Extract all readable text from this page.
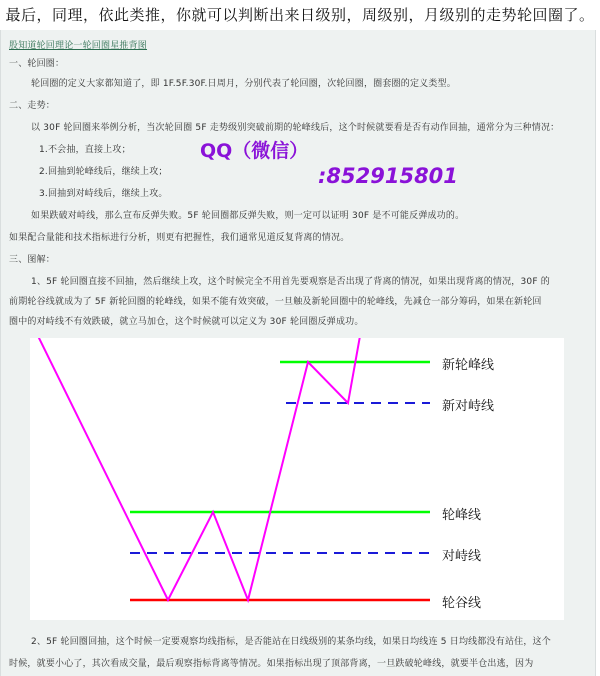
最后，同理，依此类推，你就可以判断出来日级别，周级别，月级别的走势轮回圈了。
股知道轮回理论一轮回圈星推背图
一、轮回圈：
轮回圈的定义大家都知道了，即 1F.5F.30F.日周月，分别代表了轮回圈，次轮回圈，圈套圈的定义类型。
二、走势：
以 30F 轮回圈来举例分析，当次轮回圈 5F 走势级别突破前期的轮峰线后，这个时候就要看是否有动作回抽，通常分为三种情况：
1.不会抽，直接上攻；
2.回抽到轮峰线后，继续上攻；
3.回抽到对峙线后，继续上攻。
如果跌破对峙线，那么宣布反弹失败。5F 轮回圈都反弹失败，则一定可以证明 30F 是不可能反弹成功的。
如果配合量能和技术指标进行分析，则更有把握性，我们通常见道反复背离的情况。
三、图解：
1、5F 轮回圈直接不回抽，然后继续上攻，这个时候完全不用首先要观察是否出现了背离的情况，如果出现背离的情况，30F 的
前期轮谷线就成为了 5F 新轮回圈的轮峰线，如果不能有效突破，一旦触及新轮回圈中的轮峰线，先减仓一部分筹码，如果在新轮回
圈中的对峙线不有效跌破，就立马加仓，这个时候就可以定义为 30F 轮回圈反弹成功。
2、5F 轮回圈回抽，这个时候一定要观察均线指标，是否能站在日线级别的某条均线，如果日均线连 5 日均线都没有站住，这个
时候，就要小心了，其次看成交量，最后观察指标背离等情况。如果指标出现了顶部背离，一旦跌破轮峰线，就要半仓出逃，因为
QQ（微信）
:852915801
新轮峰线
新对峙线
轮峰线
对峙线
轮谷线
